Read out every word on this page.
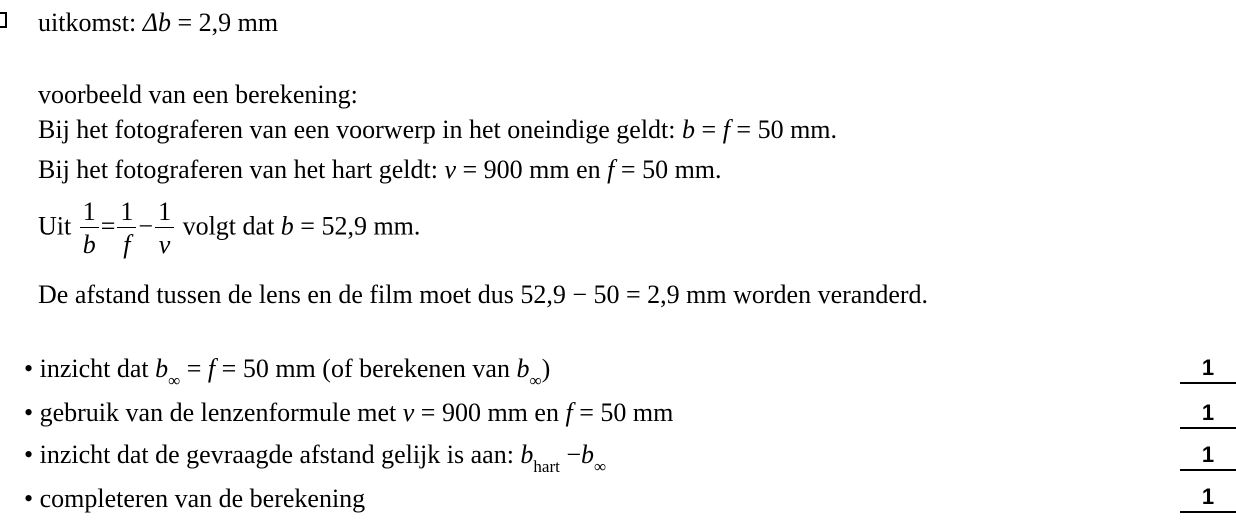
uitkomst: Δb = 2,9 mm
voorbeeld van een berekening:
Bij het fotograferen van een voorwerp in het oneindige geldt: b = f = 50 mm.
Bij het fotograferen van het hart geldt: v = 900 mm en f = 50 mm.
Uit $\frac{1}{b} = \frac{1}{f} - \frac{1}{v}$ volgt dat b = 52,9 mm.
De afstand tussen de lens en de film moet dus 52,9 − 50 = 2,9 mm worden veranderd.
• inzicht dat $b_\infty = f = 50$ mm (of berekenen van $b_\infty$)	1
• gebruik van de lenzenformule met v = 900 mm en f = 50 mm	1
• inzicht dat de gevraagde afstand gelijk is aan: $b_{hart} -b_\infty$	1
• completeren van de berekening	1
